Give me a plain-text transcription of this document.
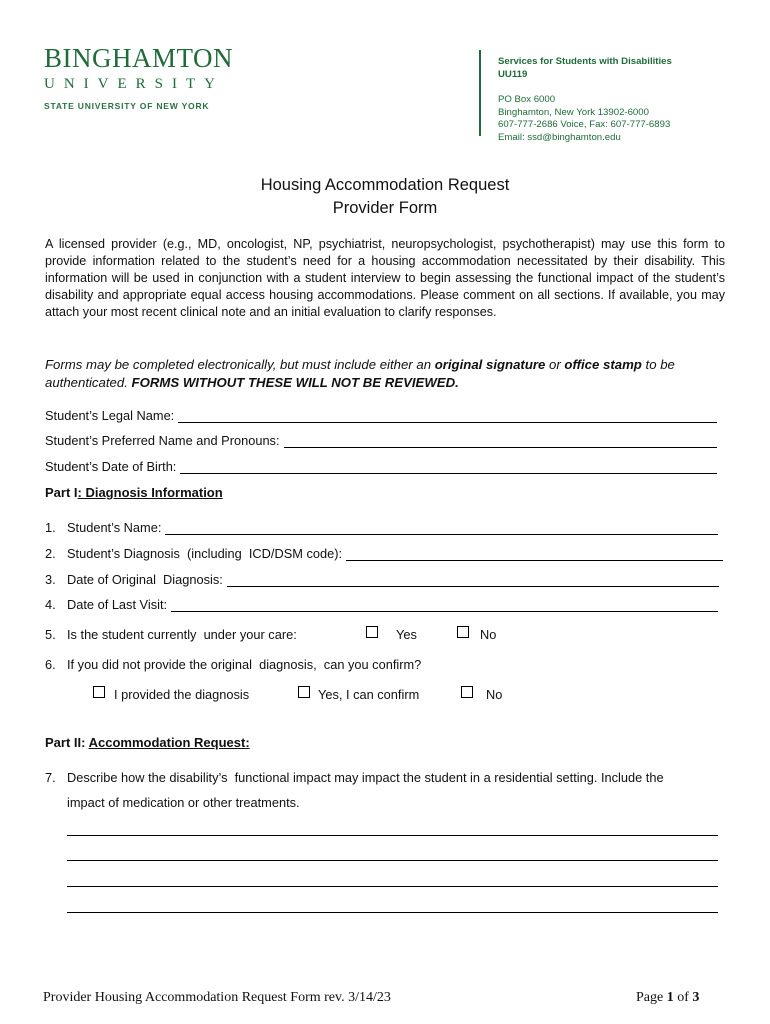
BINGHAMTON
UNIVERSITY
STATE UNIVERSITY OF NEW YORK
Services for Students with Disabilities
UU119
PO Box 6000
Binghamton, New York 13902-6000
607-777-2686 Voice, Fax: 607-777-6893
Email: ssd@binghamton.edu
Housing Accommodation Request
Provider Form
A licensed provider (e.g., MD, oncologist, NP, psychiatrist, neuropsychologist, psychotherapist) may use this form to provide information related to the student’s need for a housing accommodation necessitated by their disability. This information will be used in conjunction with a student interview to begin assessing the functional impact of the student’s disability and appropriate equal access housing accommodations. Please comment on all sections. If available, you may attach your most recent clinical note and an initial evaluation to clarify responses.
Forms may be completed electronically, but must include either an original signature or office stamp to be authenticated. FORMS WITHOUT THESE WILL NOT BE REVIEWED.
Student’s Legal Name:
Student’s Preferred Name and Pronouns:
Student’s Date of Birth:
Part I: Diagnosis Information
1. Student’s Name:
2. Student’s Diagnosis  (including  ICD/DSM code):
3. Date of Original  Diagnosis:
4. Date of Last Visit:
5. Is the student currently  under your care:	Yes	No
6. If you did not provide the original  diagnosis,  can you confirm?
I provided the diagnosis	Yes, I can confirm	No
Part II: Accommodation Request:
7. Describe how the disability’s  functional impact may impact the student in a residential setting. Include the
impact of medication or other treatments.
Provider Housing Accommodation Request Form rev. 3/14/23	Page 1 of 3
